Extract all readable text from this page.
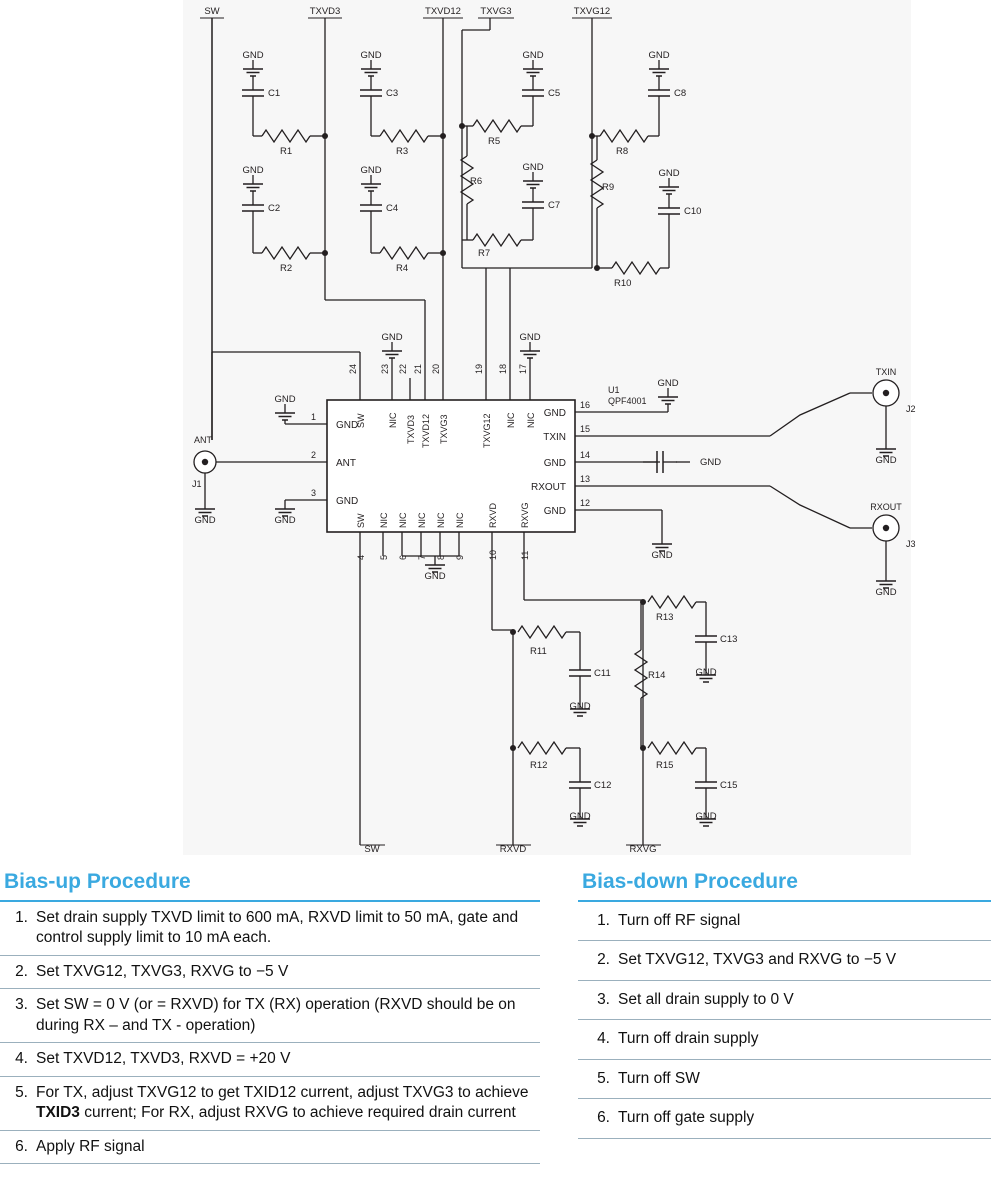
SW	TXVD3	TXVD12 TXVG3	TXVG12
GND
GND
GND
GND
GND
GND
GND
GND
GND	GND
GND
GND
GND
GND
GND
GND
GND
GND
GND
GND
GND
GND
GND
C1
C2
C3
C4
C5
C7
C8
C10
C11
C12
C13
C15
R1
R2
R3
R4
R5
R6
R7
R8
R9
R10
R11
R12
R13
R14
R15
24 23 22 21 20	19 18 17
SW NIC TXVD3 TXVD12 TXVG3	TXVG12 NIC NIC
4 5 6 7 8 9	10 11
SW NIC NIC NIC NIC NIC	RXVD RXVG
1
2
3
GND
ANT
GND
16
15
14
13
12
GND
TXIN
GND
RXOUT
GND
U1
QPF4001
ANT
J1
TXIN
J2
RXOUT
J3
SW	RXVD	RXVG
Bias-up Procedure
1. Set drain supply TXVD limit to 600 mA, RXVD limit to 50 mA, gate and control supply limit to 10 mA each.
2. Set TXVG12, TXVG3, RXVG to −5 V
3. Set SW = 0 V (or = RXVD) for TX (RX) operation (RXVD should be on during RX – and TX - operation)
4. Set TXVD12, TXVD3, RXVD = +20 V
5. For TX, adjust TXVG12 to get TXID12 current, adjust TXVG3 to achieve TXID3 current; For RX, adjust RXVG to achieve required drain current
6. Apply RF signal
Bias-down Procedure
1. Turn off RF signal
2. Set TXVG12, TXVG3 and RXVG to −5 V
3. Set all drain supply to 0 V
4. Turn off drain supply
5. Turn off SW
6. Turn off gate supply
